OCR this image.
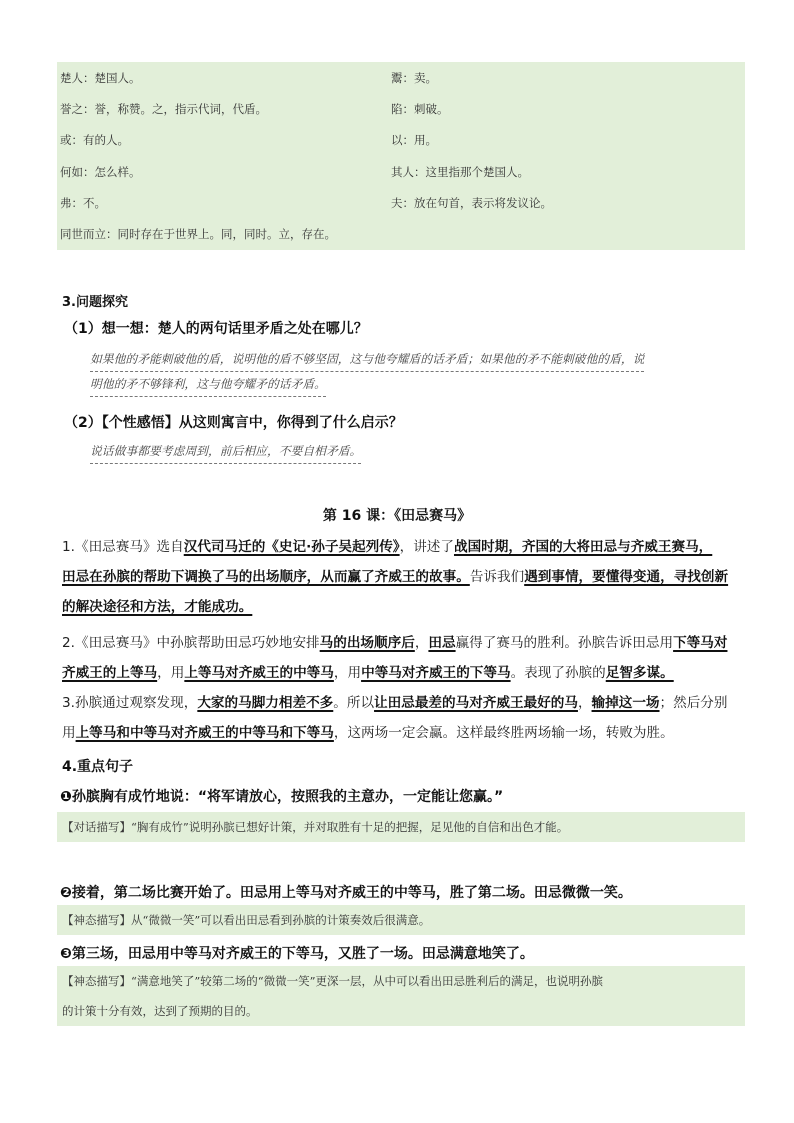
楚人：楚国人。	鬻：卖。
誉之：誉，称赞。之，指示代词，代盾。	陷：刺破。
或：有的人。	以：用。
何如：怎么样。	其人：这里指那个楚国人。
弗：不。	夫：放在句首，表示将发议论。
同世而立：同时存在于世界上。同，同时。立，存在。
3.问题探究
（1）想一想：楚人的两句话里矛盾之处在哪儿？
如果他的矛能刺破他的盾，说明他的盾不够坚固，这与他夸耀盾的话矛盾；如果他的矛不能刺破他的盾，说
明他的矛不够锋利，这与他夸耀矛的话矛盾。
（2）【个性感悟】从这则寓言中，你得到了什么启示？
说话做事都要考虑周到，前后相应，不要自相矛盾。
第 16 课：《田忌赛马》
1.《田忌赛马》选自汉代司马迁的《史记·孙子吴起列传》，讲述了战国时期，齐国的大将田忌与齐威王赛马，
田忌在孙膑的帮助下调换了马的出场顺序，从而赢了齐威王的故事。告诉我们遇到事情，要懂得变通，寻找创新
的解决途径和方法，才能成功。
2.《田忌赛马》中孙膑帮助田忌巧妙地安排马的出场顺序后，田忌赢得了赛马的胜利。孙膑告诉田忌用下等马对
齐威王的上等马，用上等马对齐威王的中等马，用中等马对齐威王的下等马。表现了孙膑的足智多谋。
3.孙膑通过观察发现，大家的马脚力相差不多。所以让田忌最差的马对齐威王最好的马，输掉这一场；然后分别
用上等马和中等马对齐威王的中等马和下等马，这两场一定会赢。这样最终胜两场输一场，转败为胜。
4.重点句子
❶孙膑胸有成竹地说：“将军请放心，按照我的主意办，一定能让您赢。”
【对话描写】“胸有成竹”说明孙膑已想好计策，并对取胜有十足的把握，足见他的自信和出色才能。
❷接着，第二场比赛开始了。田忌用上等马对齐威王的中等马，胜了第二场。田忌微微一笑。
【神态描写】从“微微一笑”可以看出田忌看到孙膑的计策奏效后很满意。
❸第三场，田忌用中等马对齐威王的下等马，又胜了一场。田忌满意地笑了。
【神态描写】“满意地笑了”较第二场的“微微一笑”更深一层，从中可以看出田忌胜利后的满足，也说明孙膑
的计策十分有效，达到了预期的目的。
